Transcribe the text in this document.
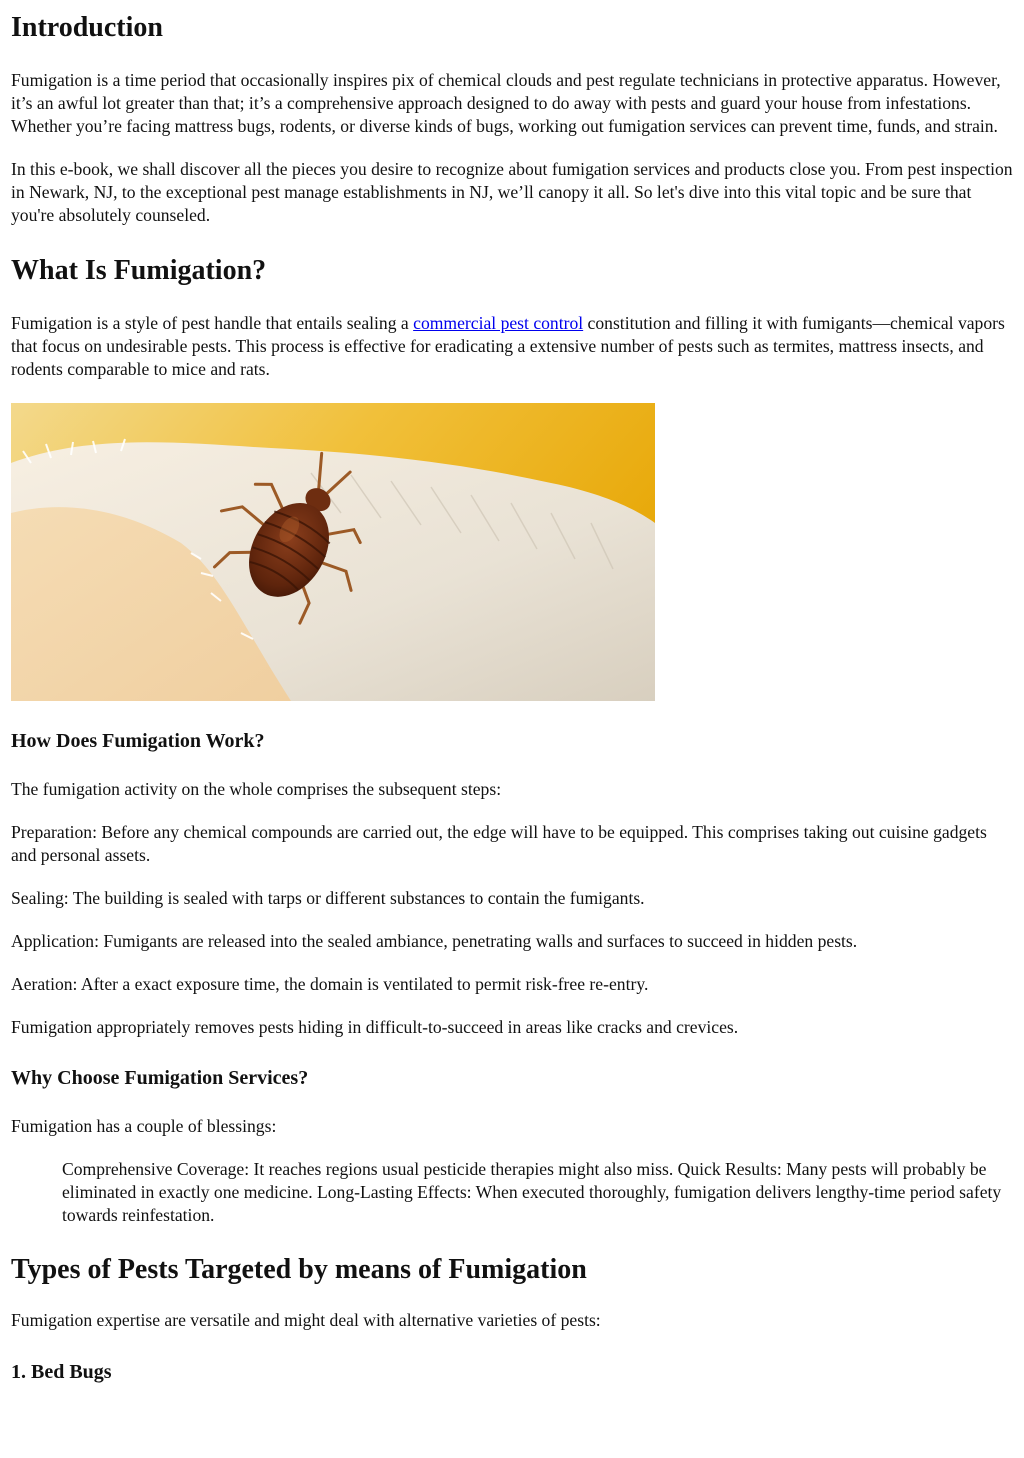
Introduction

Fumigation is a time period that occasionally inspires pix of chemical clouds and pest regulate technicians in protective apparatus. However, it’s an awful lot greater than that; it’s a comprehensive approach designed to do away with pests and guard your house from infestations. Whether you’re facing mattress bugs, rodents, or diverse kinds of bugs, working out fumigation services can prevent time, funds, and strain.

In this e-book, we shall discover all the pieces you desire to recognize about fumigation services and products close you. From pest inspection in Newark, NJ, to the exceptional pest manage establishments in NJ, we’ll canopy it all. So let's dive into this vital topic and be sure that you're absolutely counseled.

What Is Fumigation?

Fumigation is a style of pest handle that entails sealing a commercial pest control constitution and filling it with fumigants—chemical vapors that focus on undesirable pests. This process is effective for eradicating a extensive number of pests such as termites, mattress insects, and rodents comparable to mice and rats.

How Does Fumigation Work?

The fumigation activity on the whole comprises the subsequent steps:

Preparation: Before any chemical compounds are carried out, the edge will have to be equipped. This comprises taking out cuisine gadgets and personal assets.

Sealing: The building is sealed with tarps or different substances to contain the fumigants.

Application: Fumigants are released into the sealed ambiance, penetrating walls and surfaces to succeed in hidden pests.

Aeration: After a exact exposure time, the domain is ventilated to permit risk-free re-entry.

Fumigation appropriately removes pests hiding in difficult-to-succeed in areas like cracks and crevices.

Why Choose Fumigation Services?

Fumigation has a couple of blessings:

Comprehensive Coverage: It reaches regions usual pesticide therapies might also miss. Quick Results: Many pests will probably be eliminated in exactly one medicine. Long-Lasting Effects: When executed thoroughly, fumigation delivers lengthy-time period safety towards reinfestation.
Types of Pests Targeted by means of Fumigation

Fumigation expertise are versatile and might deal with alternative varieties of pests:

1. Bed Bugs
